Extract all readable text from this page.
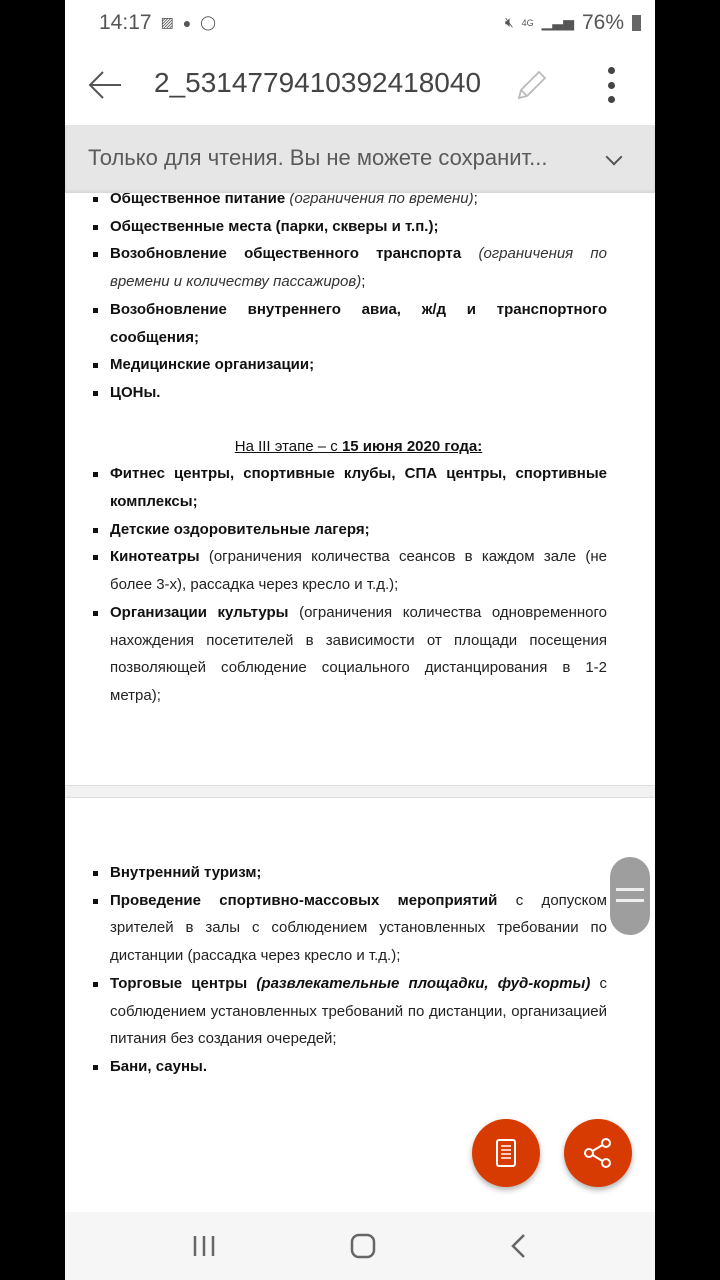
14:17 ▨ ● ◯	🔇︎ 4G ▁▃▅ 76%
2_5314779410392418040
Только для чтения. Вы не можете сохранит...
Общественное питание (ограничения по времени);
Общественные места (парки, скверы и т.п.);
Возобновление общественного транспорта (ограничения по времени и количеству пассажиров);
Возобновление внутреннего авиа, ж/д и транспортного сообщения;
Медицинские организации;
ЦОНы.
На III этапе – с 15 июня 2020 года:
Фитнес центры, спортивные клубы, СПА центры, спортивные комплексы;
Детские оздоровительные лагеря;
Кинотеатры (ограничения количества сеансов в каждом зале (не более 3-х), рассадка через кресло и т.д.);
Организации культуры (ограничения количества одновременного нахождения посетителей в зависимости от площади посещения позволяющей соблюдение социального дистанцирования в 1-2 метра);
Внутренний туризм;
Проведение спортивно-массовых мероприятий с допуском зрителей в залы с соблюдением установленных требовании по дистанции (рассадка через кресло и т.д.);
Торговые центры (развлекательные площадки, фуд-корты) с соблюдением установленных требований по дистанции, организацией питания без создания очередей;
Бани, сауны.
